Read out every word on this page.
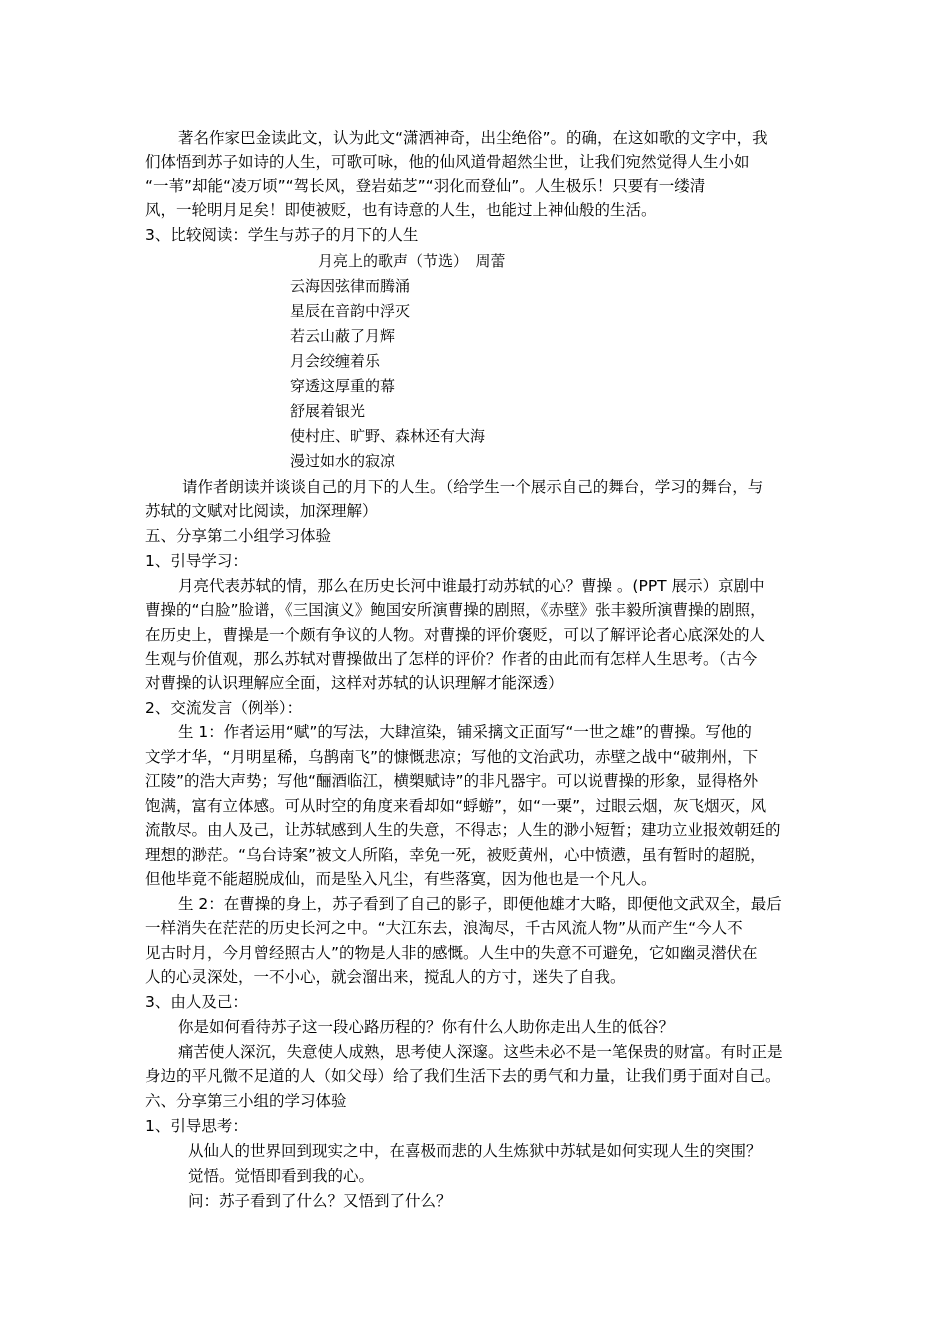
著名作家巴金读此文，认为此文“潇洒神奇，出尘绝俗”。的确，在这如歌的文字中，我
们体悟到苏子如诗的人生，可歌可咏，他的仙风道骨超然尘世，让我们宛然觉得人生小如
“一苇”却能“凌万顷”“驾长风，登岩茹芝”“羽化而登仙”。人生极乐！只要有一缕清
风，一轮明月足矣！即使被贬，也有诗意的人生，也能过上神仙般的生活。
3、比较阅读：学生与苏子的月下的人生
月亮上的歌声（节选）　周蕾
云海因弦律而腾涌
星辰在音韵中浮灭
若云山蔽了月辉
月会绞缠着乐
穿透这厚重的幕
舒展着银光
使村庄、旷野、森林还有大海
漫过如水的寂凉
请作者朗读并谈谈自己的月下的人生。（给学生一个展示自己的舞台，学习的舞台，与
苏轼的文赋对比阅读，加深理解）
五、分享第二小组学习体验
1、引导学习：
月亮代表苏轼的情，那么在历史长河中谁最打动苏轼的心？曹操 。(PPT 展示）京剧中
曹操的“白脸”脸谱，《三国演义》鲍国安所演曹操的剧照，《赤壁》张丰毅所演曹操的剧照，
在历史上，曹操是一个颇有争议的人物。对曹操的评价褒贬，可以了解评论者心底深处的人
生观与价值观，那么苏轼对曹操做出了怎样的评价？作者的由此而有怎样人生思考。（古今
对曹操的认识理解应全面，这样对苏轼的认识理解才能深透）
2、交流发言（例举）：
生 1：作者运用“赋”的写法，大肆渲染，铺采摛文正面写“一世之雄”的曹操。写他的
文学才华，“月明星稀，乌鹊南飞”的慷慨悲凉；写他的文治武功，赤壁之战中“破荆州，下
江陵”的浩大声势；写他“酾酒临江，横槊赋诗”的非凡器宇。可以说曹操的形象，显得格外
饱满，富有立体感。可从时空的角度来看却如“蜉蝣”，如“一粟”，过眼云烟，灰飞烟灭，风
流散尽。由人及己，让苏轼感到人生的失意，不得志；人生的渺小短暂；建功立业报效朝廷的
理想的渺茫。“乌台诗案”被文人所陷，幸免一死，被贬黄州，心中愤懑，虽有暂时的超脱，
但他毕竟不能超脱成仙，而是坠入凡尘，有些落寞，因为他也是一个凡人。
生 2：在曹操的身上，苏子看到了自己的影子，即便他雄才大略，即便他文武双全，最后
一样消失在茫茫的历史长河之中。“大江东去，浪淘尽，千古风流人物”从而产生“今人不
见古时月，今月曾经照古人”的物是人非的感慨。人生中的失意不可避免，它如幽灵潜伏在
人的心灵深处，一不小心，就会溜出来，搅乱人的方寸，迷失了自我。
3、由人及己：
你是如何看待苏子这一段心路历程的？你有什么人助你走出人生的低谷？
痛苦使人深沉，失意使人成熟，思考使人深邃。这些未必不是一笔保贵的财富。有时正是
身边的平凡微不足道的人（如父母）给了我们生活下去的勇气和力量，让我们勇于面对自己。
六、分享第三小组的学习体验
1、引导思考：
从仙人的世界回到现实之中，在喜极而悲的人生炼狱中苏轼是如何实现人生的突围？
觉悟。觉悟即看到我的心。
问：苏子看到了什么？又悟到了什么？
